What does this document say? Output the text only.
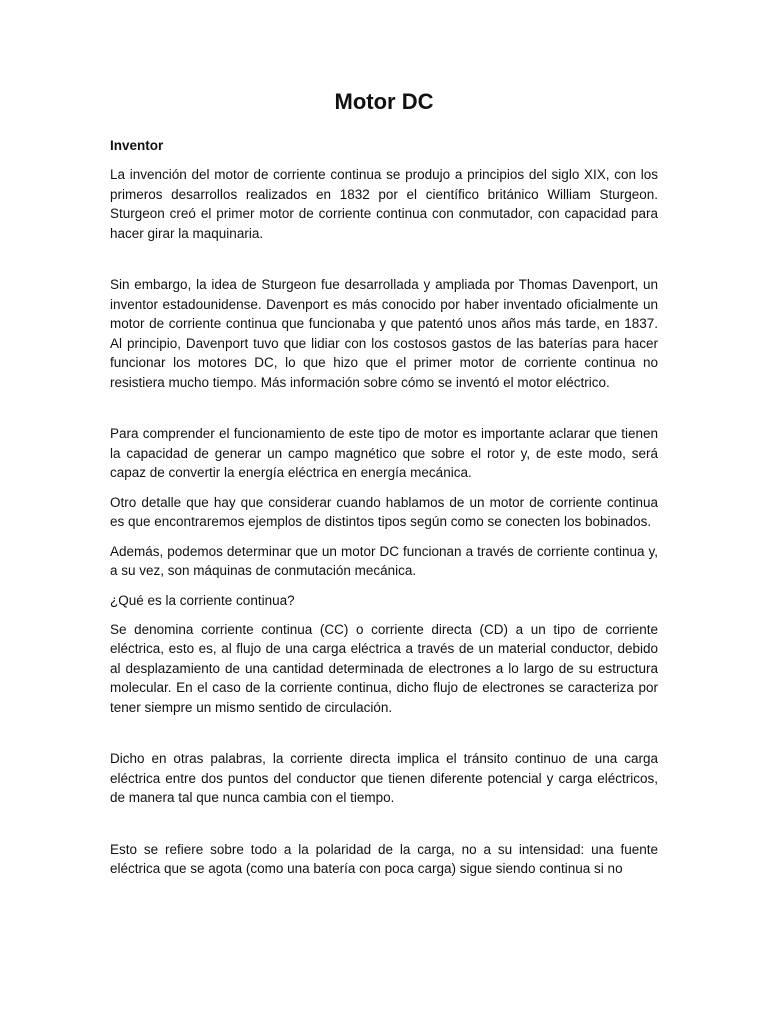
Motor DC
Inventor

La invención del motor de corriente continua se produjo a principios del siglo XIX, con los primeros desarrollos realizados en 1832 por el científico británico William Sturgeon. Sturgeon creó el primer motor de corriente continua con conmutador, con capacidad para hacer girar la maquinaria.

Sin embargo, la idea de Sturgeon fue desarrollada y ampliada por Thomas Davenport, un inventor estadounidense. Davenport es más conocido por haber inventado oficialmente un motor de corriente continua que funcionaba y que patentó unos años más tarde, en 1837. Al principio, Davenport tuvo que lidiar con los costosos gastos de las baterías para hacer funcionar los motores DC, lo que hizo que el primer motor de corriente continua no resistiera mucho tiempo. Más información sobre cómo se inventó el motor eléctrico.

Para comprender el funcionamiento de este tipo de motor es importante aclarar que tienen la capacidad de generar un campo magnético que sobre el rotor y, de este modo, será capaz de convertir la energía eléctrica en energía mecánica.

Otro detalle que hay que considerar cuando hablamos de un motor de corriente continua es que encontraremos ejemplos de distintos tipos según como se conecten los bobinados.

Además, podemos determinar que un motor DC funcionan a través de corriente continua y, a su vez, son máquinas de conmutación mecánica.

¿Qué es la corriente continua?

Se denomina corriente continua (CC) o corriente directa (CD) a un tipo de corriente eléctrica, esto es, al flujo de una carga eléctrica a través de un material conductor, debido al desplazamiento de una cantidad determinada de electrones a lo largo de su estructura molecular. En el caso de la corriente continua, dicho flujo de electrones se caracteriza por tener siempre un mismo sentido de circulación.

Dicho en otras palabras, la corriente directa implica el tránsito continuo de una carga eléctrica entre dos puntos del conductor que tienen diferente potencial y carga eléctricos, de manera tal que nunca cambia con el tiempo.

Esto se refiere sobre todo a la polaridad de la carga, no a su intensidad: una fuente eléctrica que se agota (como una batería con poca carga) sigue siendo continua si no
